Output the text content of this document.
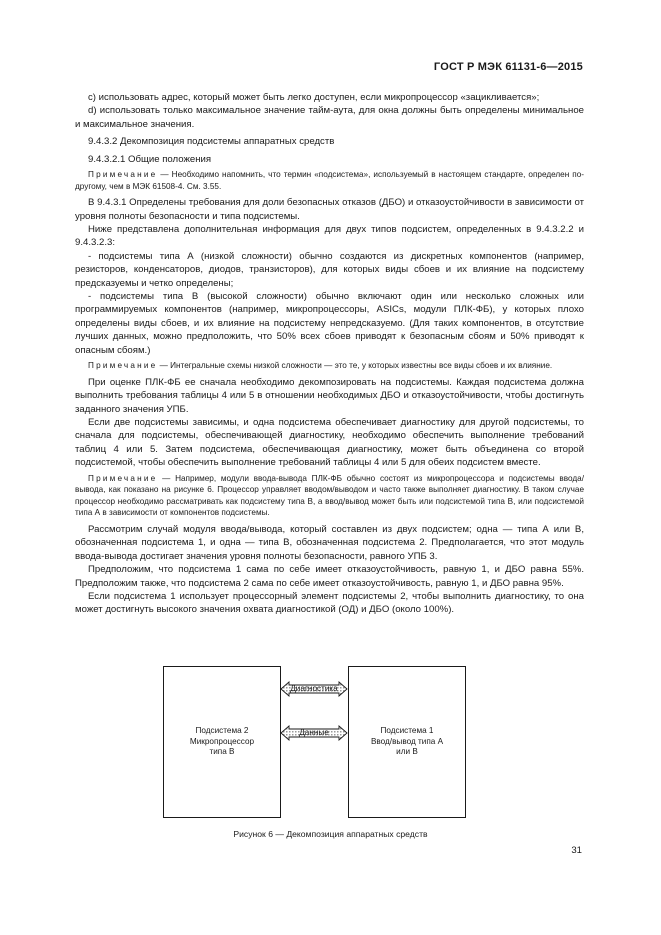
ГОСТ Р МЭК 61131-6—2015

с) использовать адрес, который может быть легко доступен, если микропроцессор «зацикливается»;

d) использовать только максимальное значение тайм-аута, для окна должны быть определены минимальное и максимальное значения.

9.4.3.2 Декомпозиция подсистемы аппаратных средств

9.4.3.2.1 Общие положения

Примечание — Необходимо напомнить, что термин «подсистема», используемый в настоящем стандарте, определен по-другому, чем в МЭК 61508-4. См. 3.55.

В 9.4.3.1 Определены требования для доли безопасных отказов (ДБО) и отказоустойчивости в зависимости от уровня полноты безопасности и типа подсистемы.

Ниже представлена дополнительная информация для двух типов подсистем, определенных в 9.4.3.2.2 и 9.4.3.2.3:

- подсистемы типа А (низкой сложности) обычно создаются из дискретных компонентов (например, резисторов, конденсаторов, диодов, транзисторов), для которых виды сбоев и их влияние на подсистему предсказуемы и четко определены;

- подсистемы типа В (высокой сложности) обычно включают один или несколько сложных или программируемых компонентов (например, микропроцессоры, ASICs, модули ПЛК-ФБ), у которых плохо определены виды сбоев, и их влияние на подсистему непредсказуемо. (Для таких компонентов, в отсутствие лучших данных, можно предположить, что 50% всех сбоев приводят к безопасным сбоям и 50% приводят к опасным сбоям.)

Примечание — Интегральные схемы низкой сложности — это те, у которых известны все виды сбоев и их влияние.

При оценке ПЛК-ФБ ее сначала необходимо декомпозировать на подсистемы. Каждая подсистема должна выполнить требования таблицы 4 или 5 в отношении необходимых ДБО и отказоустойчивости, чтобы достигнуть заданного значения УПБ.

Если две подсистемы зависимы, и одна подсистема обеспечивает диагностику для другой подсистемы, то сначала для подсистемы, обеспечивающей диагностику, необходимо обеспечить выполнение требований таблиц 4 или 5. Затем подсистема, обеспечивающая диагностику, может быть объединена со второй подсистемой, чтобы обеспечить выполнение требований таблицы 4 или 5 для обеих подсистем вместе.

Примечание — Например, модули ввода-вывода ПЛК-ФБ обычно состоят из микропроцессора и подсистемы ввода/вывода, как показано на рисунке 6. Процессор управляет вводом/выводом и часто также выполняет диагностику. В таком случае процессор необходимо рассматривать как подсистему типа В, а ввод/вывод может быть или подсистемой типа В, или подсистемой типа А в зависимости от компонентов подсистемы.

Рассмотрим случай модуля ввода/вывода, который составлен из двух подсистем; одна — типа А или В, обозначенная подсистема 1, и одна — типа В, обозначенная подсистема 2. Предполагается, что этот модуль ввода-вывода достигает значения уровня полноты безопасности, равного УПБ 3.

Предположим, что подсистема 1 сама по себе имеет отказоустойчивость, равную 1, и ДБО равна 55%. Предположим также, что подсистема 2 сама по себе имеет отказоустойчивость, равную 1, и ДБО равна 95%.

Если подсистема 1 использует процессорный элемент подсистемы 2, чтобы выполнить диагностику, то она может достигнуть высокого значения охвата диагностикой (ОД) и ДБО (около 100%).

Подсистема 2
Микропроцессор
типа В
Диагностика
Данные	Подсистема 1
Ввод/вывод типа А
или В
Рисунок 6 — Декомпозиция аппаратных средств
31
